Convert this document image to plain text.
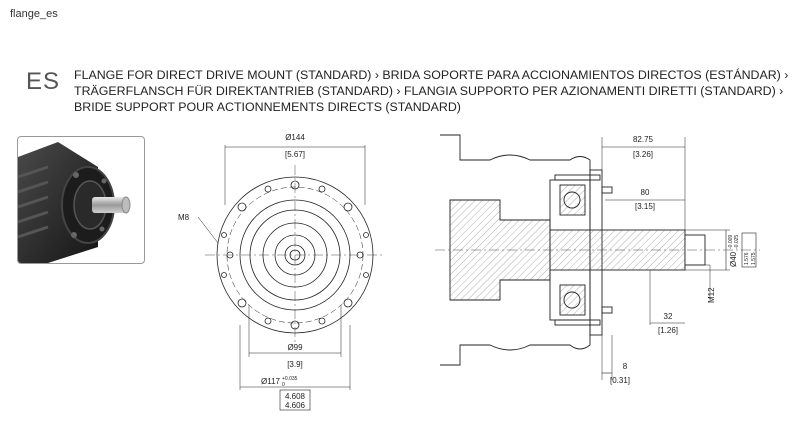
flange_es
ES FLANGE FOR DIRECT DRIVE MOUNT (STANDARD) › BRIDA SOPORTE PARA ACCIONAMIENTOS DIRECTOS (ESTÁNDAR) ›
TRÄGERFLANSCH FÜR DIREKTANTRIEB (STANDARD) › FLANGIA SUPPORTO PER AZIONAMENTI DIRETTI (STANDARD) ›
BRIDE SUPPORT POUR ACTIONNEMENTS DIRECTS (STANDARD)
Ø144
[5.67]
M8
Ø99
[3.9]
Ø117 +0.035
0
4.608
4.606
82.75
[3.26]
80
[3.15]
Ø40
-0.009 -0.025
1.576 1.575
M12
32
[1.26]
8
[0.31]
